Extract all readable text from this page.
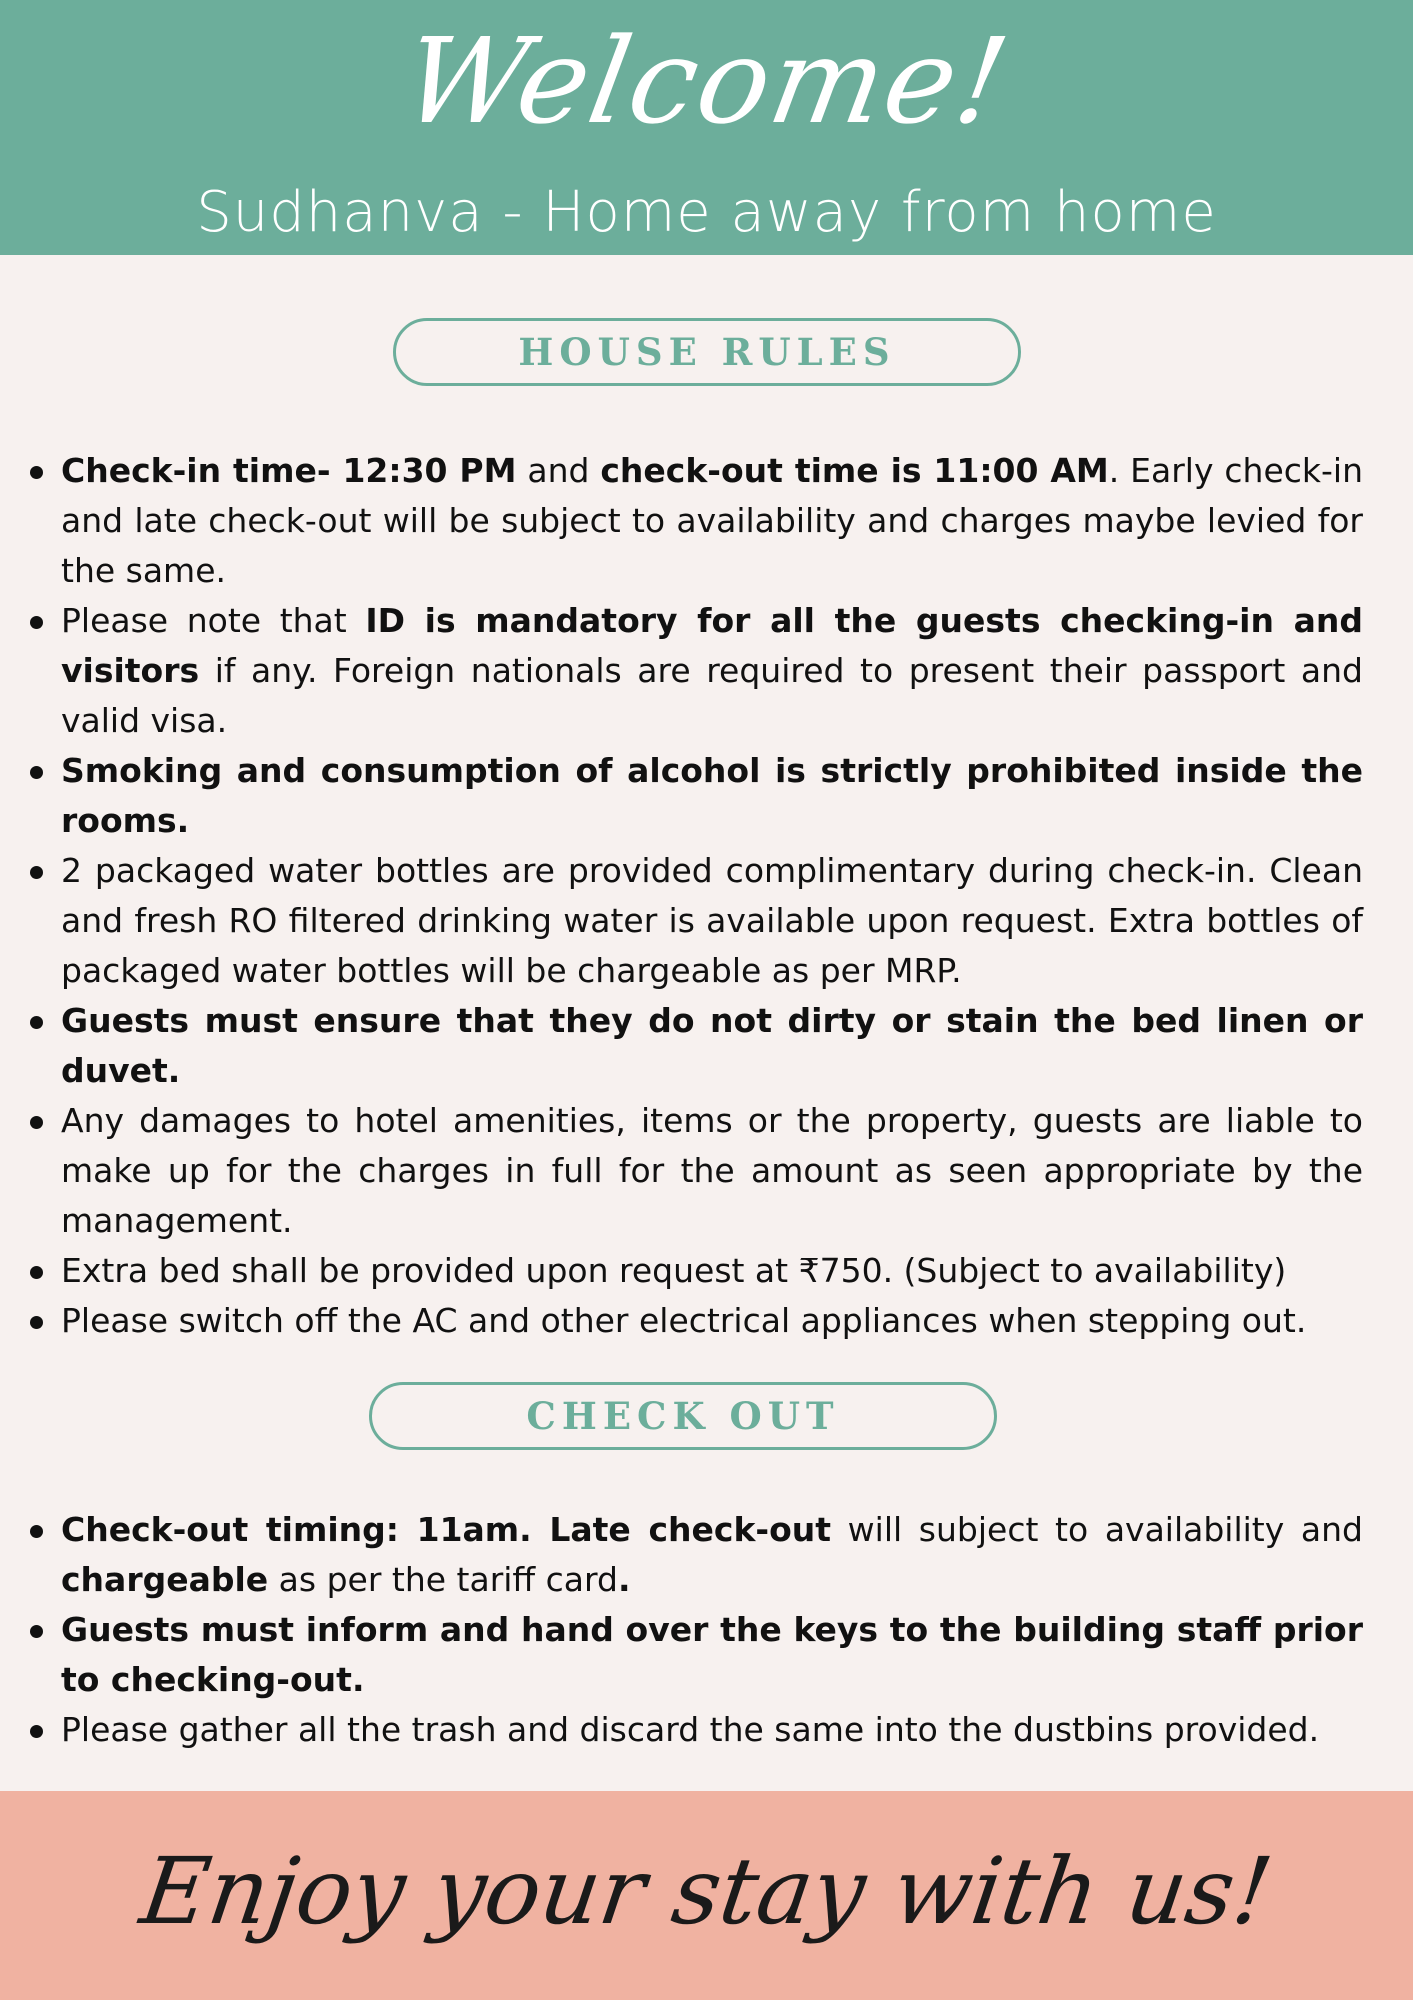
Welcome!
Sudhanva - Home away from home
HOUSE RULES
Check-in time- 12:30 PM and check-out time is 11:00 AM. Early check-in and late check-out will be subject to availability and charges maybe levied for the same.
Please note that ID is mandatory for all the guests checking-in and visitors if any. Foreign nationals are required to present their passport and valid visa.
Smoking and consumption of alcohol is strictly prohibited inside the rooms.
2 packaged water bottles are provided complimentary during check-in. Clean and fresh RO filtered drinking water is available upon request. Extra bottles of packaged water bottles will be chargeable as per MRP.
Guests must ensure that they do not dirty or stain the bed linen or duvet.
Any damages to hotel amenities, items or the property, guests are liable to make up for the charges in full for the amount as seen appropriate by the management.
Extra bed shall be provided upon request at ₹750. (Subject to availability)
Please switch off the AC and other electrical appliances when stepping out.
CHECK OUT
Check-out timing: 11am. Late check-out will subject to availability and chargeable as per the tariff card.
Guests must inform and hand over the keys to the building staff prior to checking-out.
Please gather all the trash and discard the same into the dustbins provided.
Enjoy your stay with us!
